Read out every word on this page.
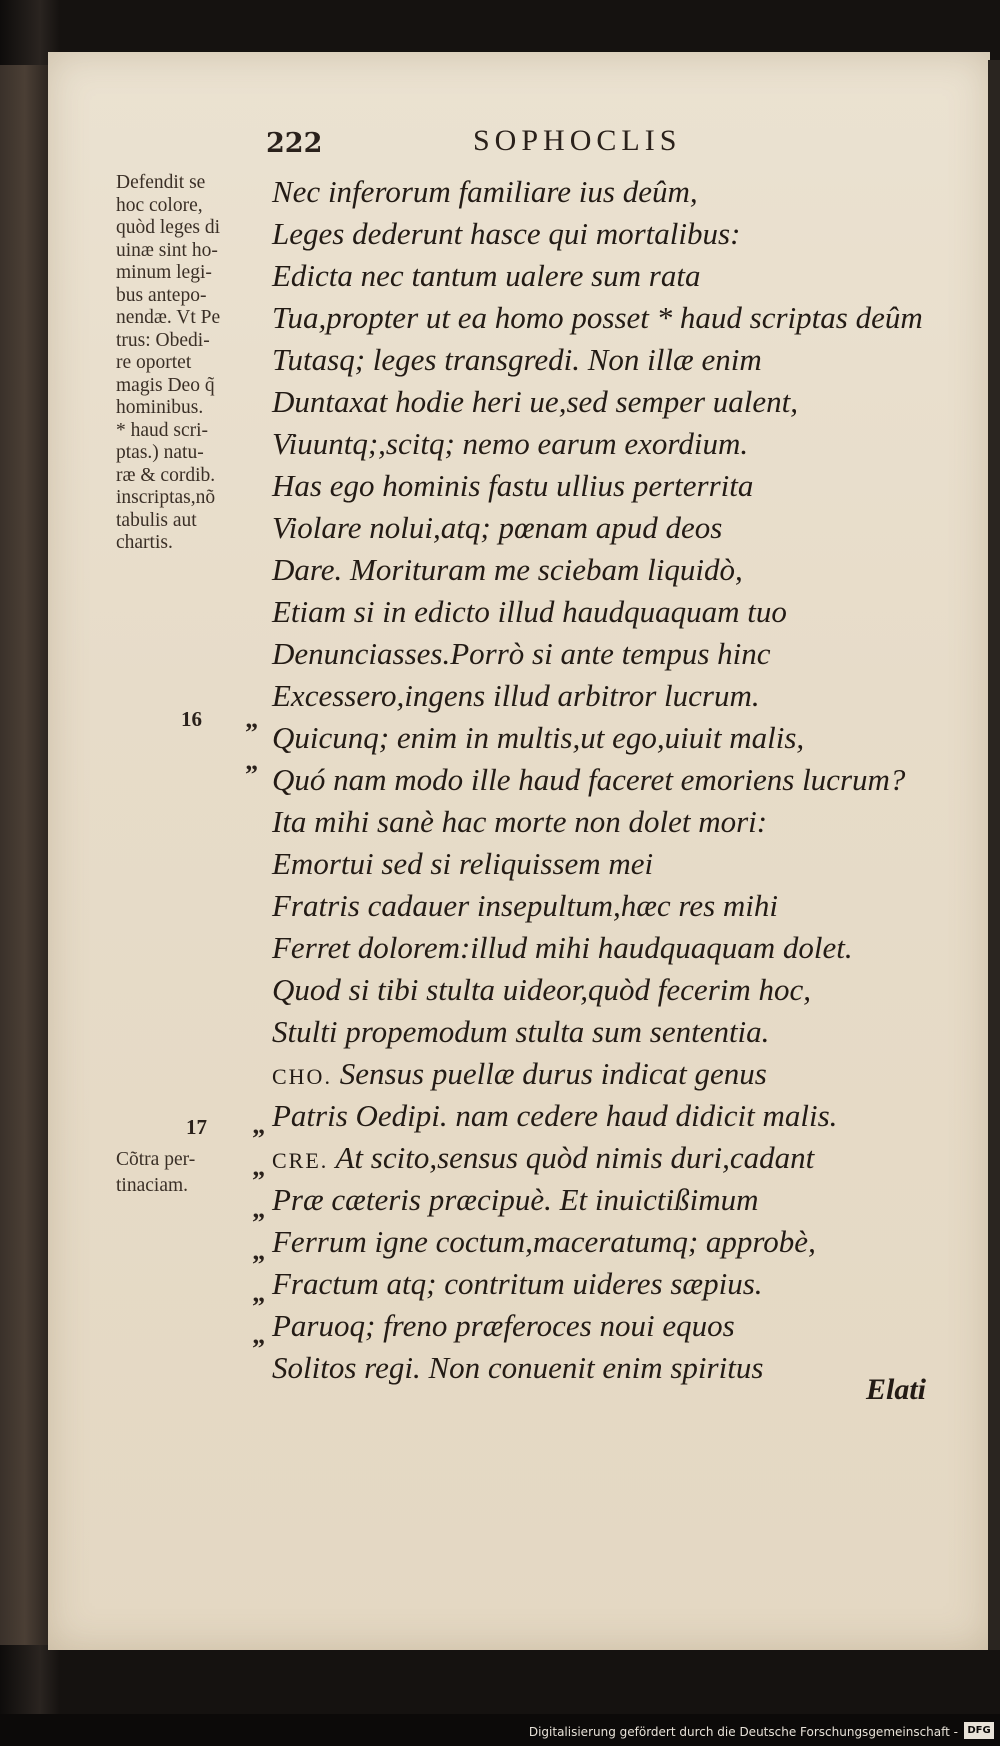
222	SOPHOCLIS
Defendit se
hoc colore,
quòd leges di
uinæ sint ho-
minum legi-
bus antepo-
nendæ. Vt Pe
trus: Obedi-
re oportet
magis Deo q̃
hominibus.
* haud scri-
ptas.) natu-
ræ & cordib.
inscriptas,nõ
tabulis aut
chartis.
Cõtra per-
tinaciam.
16
17
”
”
”
”
”
”
”
”
Nec inferorum familiare ius deûm,
Leges dederunt hasce qui mortalibus:
Edicta nec tantum ualere sum rata
Tua,propter ut ea homo posset * haud scriptas deûm
Tutasq; leges transgredi. Non illæ enim
Duntaxat hodie heri ue,sed semper ualent,
Viuuntq;,scitq; nemo earum exordium.
Has ego hominis fastu ullius perterrita
Violare nolui,atq; pœnam apud deos
Dare. Morituram me sciebam liquidò,
Etiam si in edicto illud haudquaquam tuo
Denunciasses.Porrò si ante tempus hinc
Excessero,ingens illud arbitror lucrum.
Quicunq; enim in multis,ut ego,uiuit malis,
Quó nam modo ille haud faceret emoriens lucrum?
Ita mihi sanè hac morte non dolet mori:
Emortui sed si reliquissem mei
Fratris cadauer insepultum,hæc res mihi
Ferret dolorem:illud mihi haudquaquam dolet.
Quod si tibi stulta uideor,quòd fecerim hoc,
Stulti propemodum stulta sum sententia.
CHO. Sensus puellæ durus indicat genus
Patris Oedipi. nam cedere haud didicit malis.
CRE. At scito,sensus quòd nimis duri,cadant
Præ cæteris præcipuè. Et inuictißimum
Ferrum igne coctum,maceratumq; approbè,
Fractum atq; contritum uideres sæpius.
Paruoq; freno præferoces noui equos
Solitos regi. Non conuenit enim spiritus
Elati
Digitalisierung gefördert durch die Deutsche Forschungsgemeinschaft - DFG
